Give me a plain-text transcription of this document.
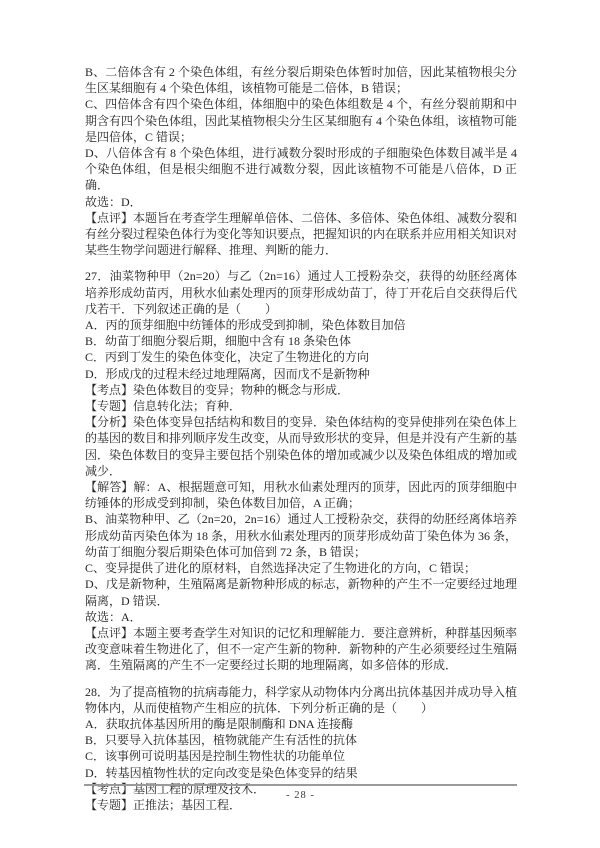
B、二倍体含有 2 个染色体组，有丝分裂后期染色体暂时加倍，因此某植物根尖分生区某细胞有 4 个染色体组，该植物可能是二倍体，B 错误；

C、四倍体含有四个染色体组，体细胞中的染色体组数是 4 个，有丝分裂前期和中期含有四个染色体组，因此某植物根尖分生区某细胞有 4 个染色体组，该植物可能是四倍体，C 错误；

D、八倍体含有 8 个染色体组，进行减数分裂时形成的子细胞染色体数目减半是 4 个染色体组，但是根尖细胞不进行减数分裂，因此该植物不可能是八倍体，D 正确．

故选：D．

【点评】本题旨在考查学生理解单倍体、二倍体、多倍体、染色体组、减数分裂和有丝分裂过程染色体行为变化等知识要点，把握知识的内在联系并应用相关知识对某些生物学问题进行解释、推理、判断的能力．

27．油菜物种甲（2n=20）与乙（2n=16）通过人工授粉杂交，获得的幼胚经离体培养形成幼苗丙，用秋水仙素处理丙的顶芽形成幼苗丁，待丁开花后自交获得后代戊若干．下列叙述正确的是（　　）

A．丙的顶芽细胞中纺锤体的形成受到抑制，染色体数目加倍

B．幼苗丁细胞分裂后期，细胞中含有 18 条染色体

C．丙到丁发生的染色体变化，决定了生物进化的方向

D．形成戊的过程未经过地理隔离，因而戊不是新物种

【考点】染色体数目的变异；物种的概念与形成．

【专题】信息转化法；育种．

【分析】染色体变异包括结构和数目的变异．染色体结构的变异使排列在染色体上的基因的数目和排列顺序发生改变，从而导致形状的变异，但是并没有产生新的基因．染色体数目的变异主要包括个别染色体的增加或减少以及染色体组成的增加或减少．

【解答】解：A、根据题意可知，用秋水仙素处理丙的顶芽，因此丙的顶芽细胞中纺锤体的形成受到抑制，染色体数目加倍，A 正确；

B、油菜物种甲、乙（2n=20，2n=16）通过人工授粉杂交，获得的幼胚经离体培养形成幼苗丙染色体为 18 条，用秋水仙素处理丙的顶芽形成幼苗丁染色体为 36 条，幼苗丁细胞分裂后期染色体可加倍到 72 条，B 错误；

C、变异提供了进化的原材料，自然选择决定了生物进化的方向，C 错误；

D、戊是新物种，生殖隔离是新物种形成的标志，新物种的产生不一定要经过地理隔离，D 错误．

故选：A．

【点评】本题主要考查学生对知识的记忆和理解能力．要注意辨析，种群基因频率改变意味着生物进化了，但不一定产生新的物种．新物种的产生必须要经过生殖隔离．生殖隔离的产生不一定要经过长期的地理隔离，如多倍体的形成．

28．为了提高植物的抗病毒能力，科学家从动物体内分离出抗体基因并成功导入植物体内，从而使植物产生相应的抗体．下列分析正确的是（　　）

A．获取抗体基因所用的酶是限制酶和 DNA 连接酶

B．只要导入抗体基因，植物就能产生有活性的抗体

C．该事例可说明基因是控制生物性状的功能单位

D．转基因植物性状的定向改变是染色体变异的结果

【考点】基因工程的原理及技术．

【专题】正推法；基因工程．

- 28 -
